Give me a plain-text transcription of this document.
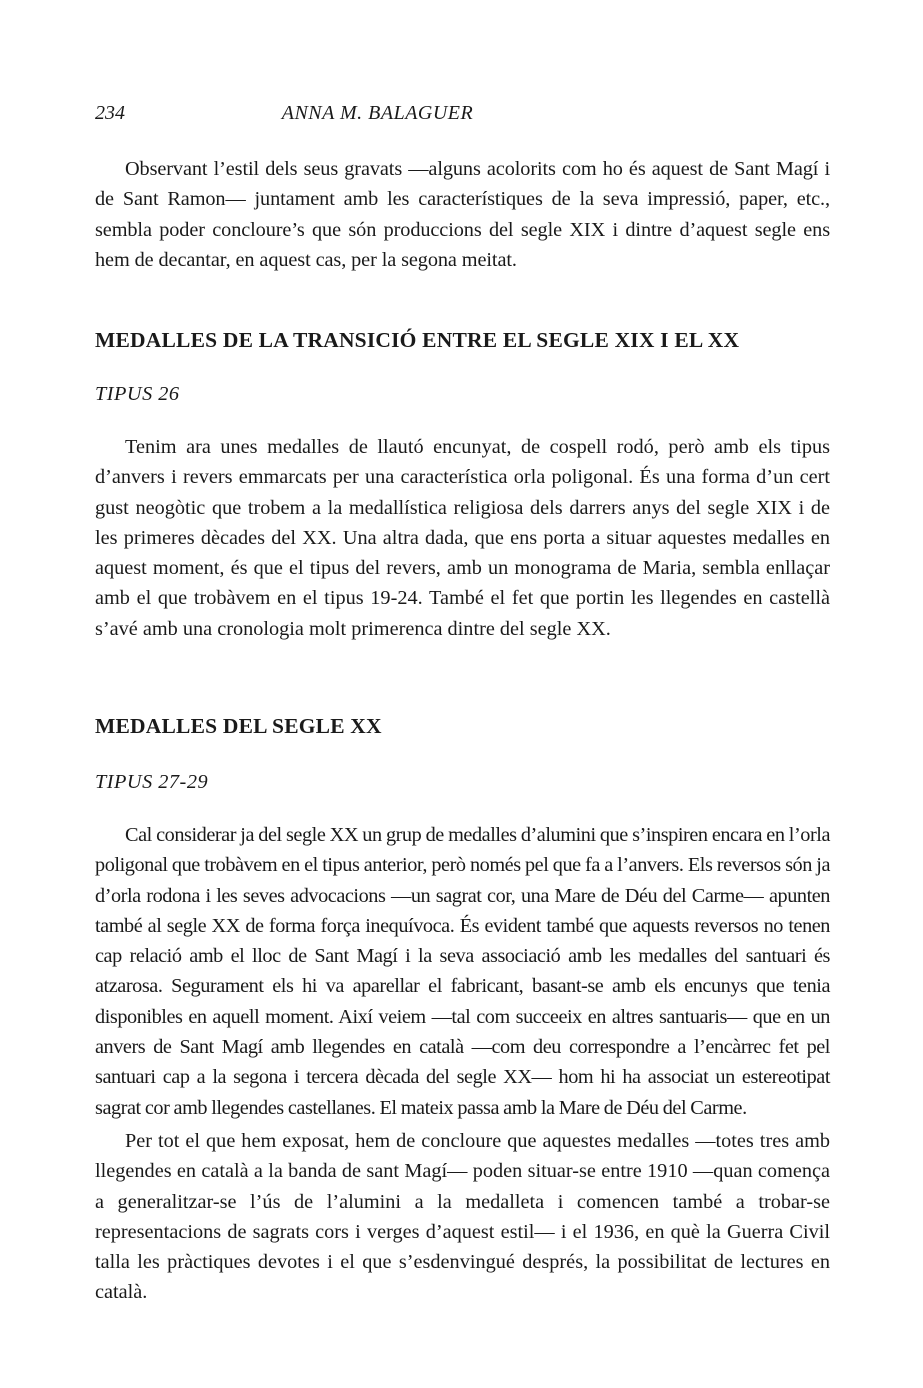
234	ANNA M. BALAGUER

Observant l’estil dels seus gravats —alguns acolorits com ho és aquest de Sant Magí i de Sant Ramon— juntament amb les característiques de la seva impressió, paper, etc., sembla poder concloure’s que són produccions del segle XIX i dintre d’aquest segle ens hem de decantar, en aquest cas, per la segona meitat.

MEDALLES DE LA TRANSICIÓ ENTRE EL SEGLE XIX I EL XX
TIPUS 26

Tenim ara unes medalles de llautó encunyat, de cospell rodó, però amb els tipus d’anvers i revers emmarcats per una característica orla poligonal. És una forma d’un cert gust neogòtic que trobem a la medallística religiosa dels darrers anys del segle XIX i de les primeres dècades del XX. Una altra dada, que ens porta a situar aquestes medalles en aquest moment, és que el tipus del revers, amb un monograma de Maria, sembla enllaçar amb el que trobàvem en el tipus 19-24. També el fet que portin les llegendes en castellà s’avé amb una cronologia molt primerenca dintre del segle XX.

MEDALLES DEL SEGLE XX
TIPUS 27-29

Cal considerar ja del segle XX un grup de medalles d’alumini que s’inspiren encara en l’orla poligonal que trobàvem en el tipus anterior, però només pel que fa a l’anvers. Els reversos són ja d’orla rodona i les seves advocacions —un sagrat cor, una Mare de Déu del Carme— apunten també al segle XX de forma força inequívoca. És evident també que aquests reversos no tenen cap relació amb el lloc de Sant Magí i la seva associació amb les medalles del santuari és atzarosa. Segurament els hi va aparellar el fabricant, basant-se amb els encunys que tenia disponibles en aquell moment. Així veiem —tal com succeeix en altres santuaris— que en un anvers de Sant Magí amb llegendes en català —com deu correspondre a l’encàrrec fet pel santuari cap a la segona i tercera dècada del segle XX— hom hi ha associat un estereotipat sagrat cor amb llegendes castellanes. El mateix passa amb la Mare de Déu del Carme.

Per tot el que hem exposat, hem de concloure que aquestes medalles —totes tres amb llegendes en català a la banda de sant Magí— poden situar-se entre 1910 —quan comença a generalitzar-se l’ús de l’alumini a la medalleta i comencen també a trobar-se representacions de sagrats cors i verges d’aquest estil— i el 1936, en què la Guerra Civil talla les pràctiques devotes i el que s’esdenvingué després, la possibilitat de lectures en català.
